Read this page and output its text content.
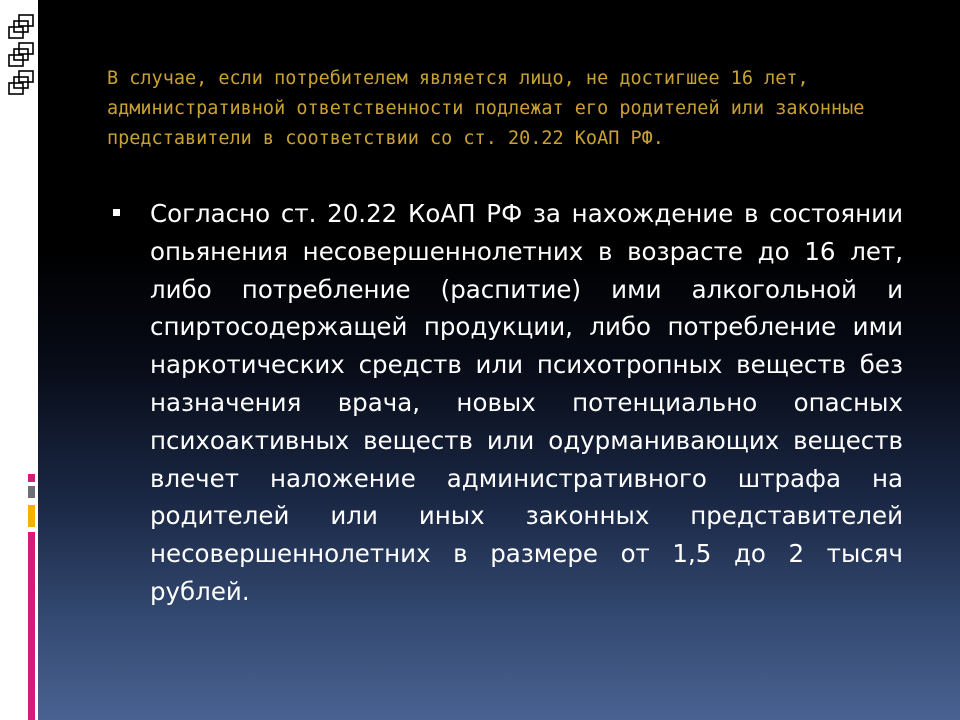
В случае, если потребителем является лицо, не достигшее 16 лет, административной ответственности подлежат его родителей или законные представители в соответствии со ст. 20.22 КоАП РФ.
Согласно ст. 20.22 КоАП РФ за нахождение в состоянии опьянения несовершеннолетних в возрасте до 16 лет, либо потребление (распитие) ими алкогольной и спиртосодержащей продукции, либо потребление ими наркотических средств или психотропных веществ без назначения врача, новых потенциально опасных психоактивных веществ или одурманивающих веществ влечет наложение административного штрафа на родителей или иных законных представителей несовершеннолетних в размере от 1,5 до 2 тысяч рублей.
